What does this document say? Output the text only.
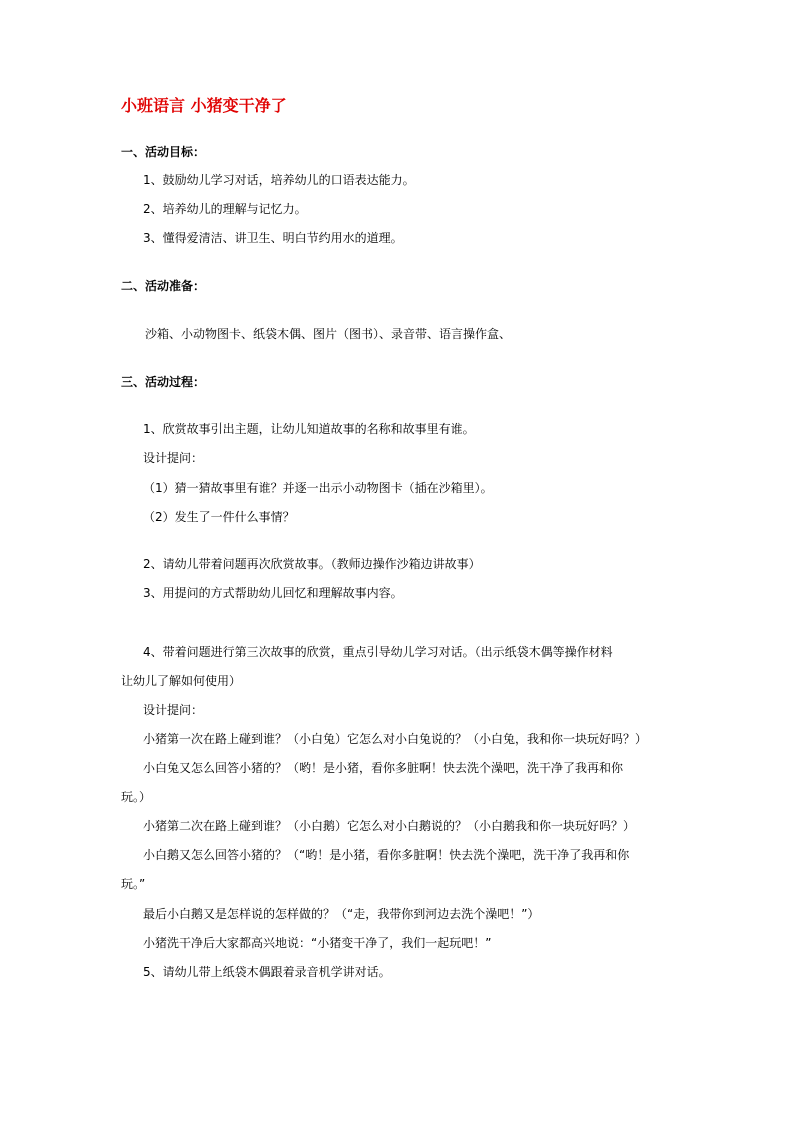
小班语言 小猪变干净了
一、活动目标：
1、鼓励幼儿学习对话，培养幼儿的口语表达能力。
2、培养幼儿的理解与记忆力。
3、懂得爱清洁、讲卫生、明白节约用水的道理。
二、活动准备：
沙箱、小动物图卡、纸袋木偶、图片（图书）、录音带、语言操作盒、
三、活动过程：
1、欣赏故事引出主题，让幼儿知道故事的名称和故事里有谁。
设计提问：
（1）猜一猜故事里有谁？并逐一出示小动物图卡（插在沙箱里）。
（2）发生了一件什么事情？
2、请幼儿带着问题再次欣赏故事。（教师边操作沙箱边讲故事）
3、用提问的方式帮助幼儿回忆和理解故事内容。
4、带着问题进行第三次故事的欣赏，重点引导幼儿学习对话。（出示纸袋木偶等操作材料
让幼儿了解如何使用）
设计提问：
小猪第一次在路上碰到谁？（小白兔）它怎么对小白兔说的？（小白兔，我和你一块玩好吗？）
小白兔又怎么回答小猪的？（哟！是小猪，看你多脏啊！快去洗个澡吧，洗干净了我再和你
玩。）
小猪第二次在路上碰到谁？（小白鹅）它怎么对小白鹅说的？（小白鹅我和你一块玩好吗？）
小白鹅又怎么回答小猪的？（“哟！是小猪，看你多脏啊！快去洗个澡吧，洗干净了我再和你
玩。”
最后小白鹅又是怎样说的怎样做的？（“走，我带你到河边去洗个澡吧！”）
小猪洗干净后大家都高兴地说：“小猪变干净了，我们一起玩吧！”
5、请幼儿带上纸袋木偶跟着录音机学讲对话。
